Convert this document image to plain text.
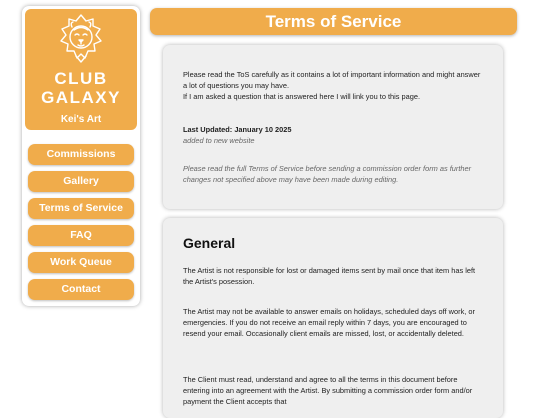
CLUB
GALAXY
Kei's Art
Commissions
Gallery
Terms of Service
FAQ
Work Queue
Contact
Terms of Service

Please read the ToS carefully as it contains a lot of important information and might answer a lot of questions you may have.

If I am asked a question that is answered here I will link you to this page.

Last Updated: January 10 2025
added to new website
Please read the full Terms of Service before sending a commission order form as further changes not specified above may have been made during editing.
General

The Artist is not responsible for lost or damaged items sent by mail once that item has left the Artist's posession.

The Artist may not be available to answer emails on holidays, scheduled days off work, or emergencies. If you do not receive an email reply within 7 days, you are encouraged to resend your email. Occasionally client emails are missed, lost, or accidentally deleted.

The Client must read, understand and agree to all the terms in this document before entering into an agreement with the Artist. By submitting a commission order form and/or payment the Client accepts that
